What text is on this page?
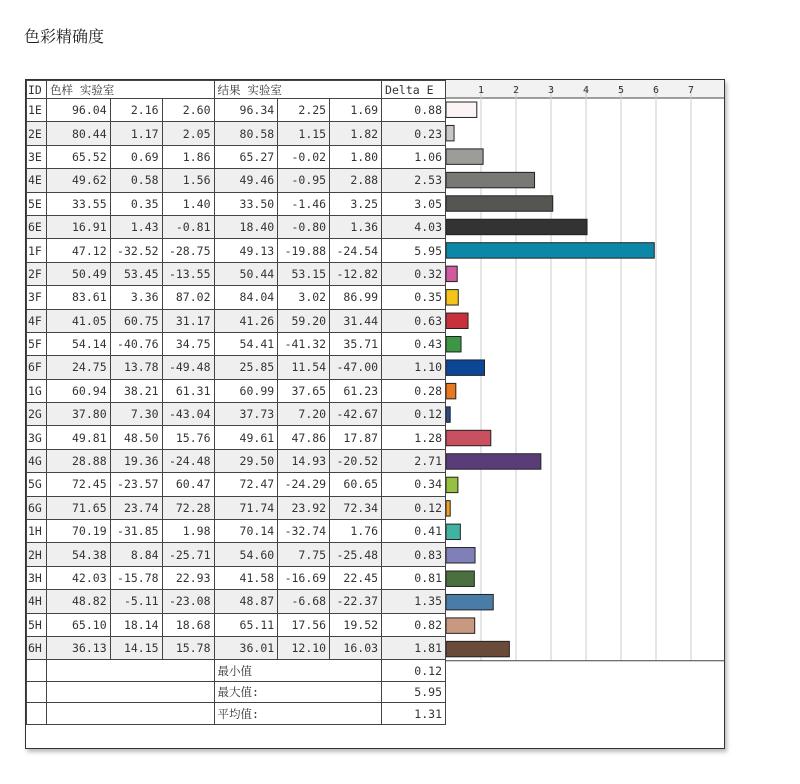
色彩精确度
ID	色样 实验室			结果 实验室			Delta E
1E	96.04	2.16	2.60	96.34	2.25	1.69	0.88
2E	80.44	1.17	2.05	80.58	1.15	1.82	0.23
3E	65.52	0.69	1.86	65.27	-0.02	1.80	1.06
4E	49.62	0.58	1.56	49.46	-0.95	2.88	2.53
5E	33.55	0.35	1.40	33.50	-1.46	3.25	3.05
6E	16.91	1.43	-0.81	18.40	-0.80	1.36	4.03
1F	47.12	-32.52	-28.75	49.13	-19.88	-24.54	5.95
2F	50.49	53.45	-13.55	50.44	53.15	-12.82	0.32
3F	83.61	3.36	87.02	84.04	3.02	86.99	0.35
4F	41.05	60.75	31.17	41.26	59.20	31.44	0.63
5F	54.14	-40.76	34.75	54.41	-41.32	35.71	0.43
6F	24.75	13.78	-49.48	25.85	11.54	-47.00	1.10
1G	60.94	38.21	61.31	60.99	37.65	61.23	0.28
2G	37.80	7.30	-43.04	37.73	7.20	-42.67	0.12
3G	49.81	48.50	15.76	49.61	47.86	17.87	1.28
4G	28.88	19.36	-24.48	29.50	14.93	-20.52	2.71
5G	72.45	-23.57	60.47	72.47	-24.29	60.65	0.34
6G	71.65	23.74	72.28	71.74	23.92	72.34	0.12
1H	70.19	-31.85	1.98	70.14	-32.74	1.76	0.41
2H	54.38	8.84	-25.71	54.60	7.75	-25.48	0.83
3H	42.03	-15.78	22.93	41.58	-16.69	22.45	0.81
4H	48.82	-5.11	-23.08	48.87	-6.68	-22.37	1.35
5H	65.10	18.14	18.68	65.11	17.56	19.52	0.82
6H	36.13	14.15	15.78	36.01	12.10	16.03	1.81
				最小值			0.12
				最大值:			5.95
				平均值:			1.31
1	2	3	4	5	6	7
